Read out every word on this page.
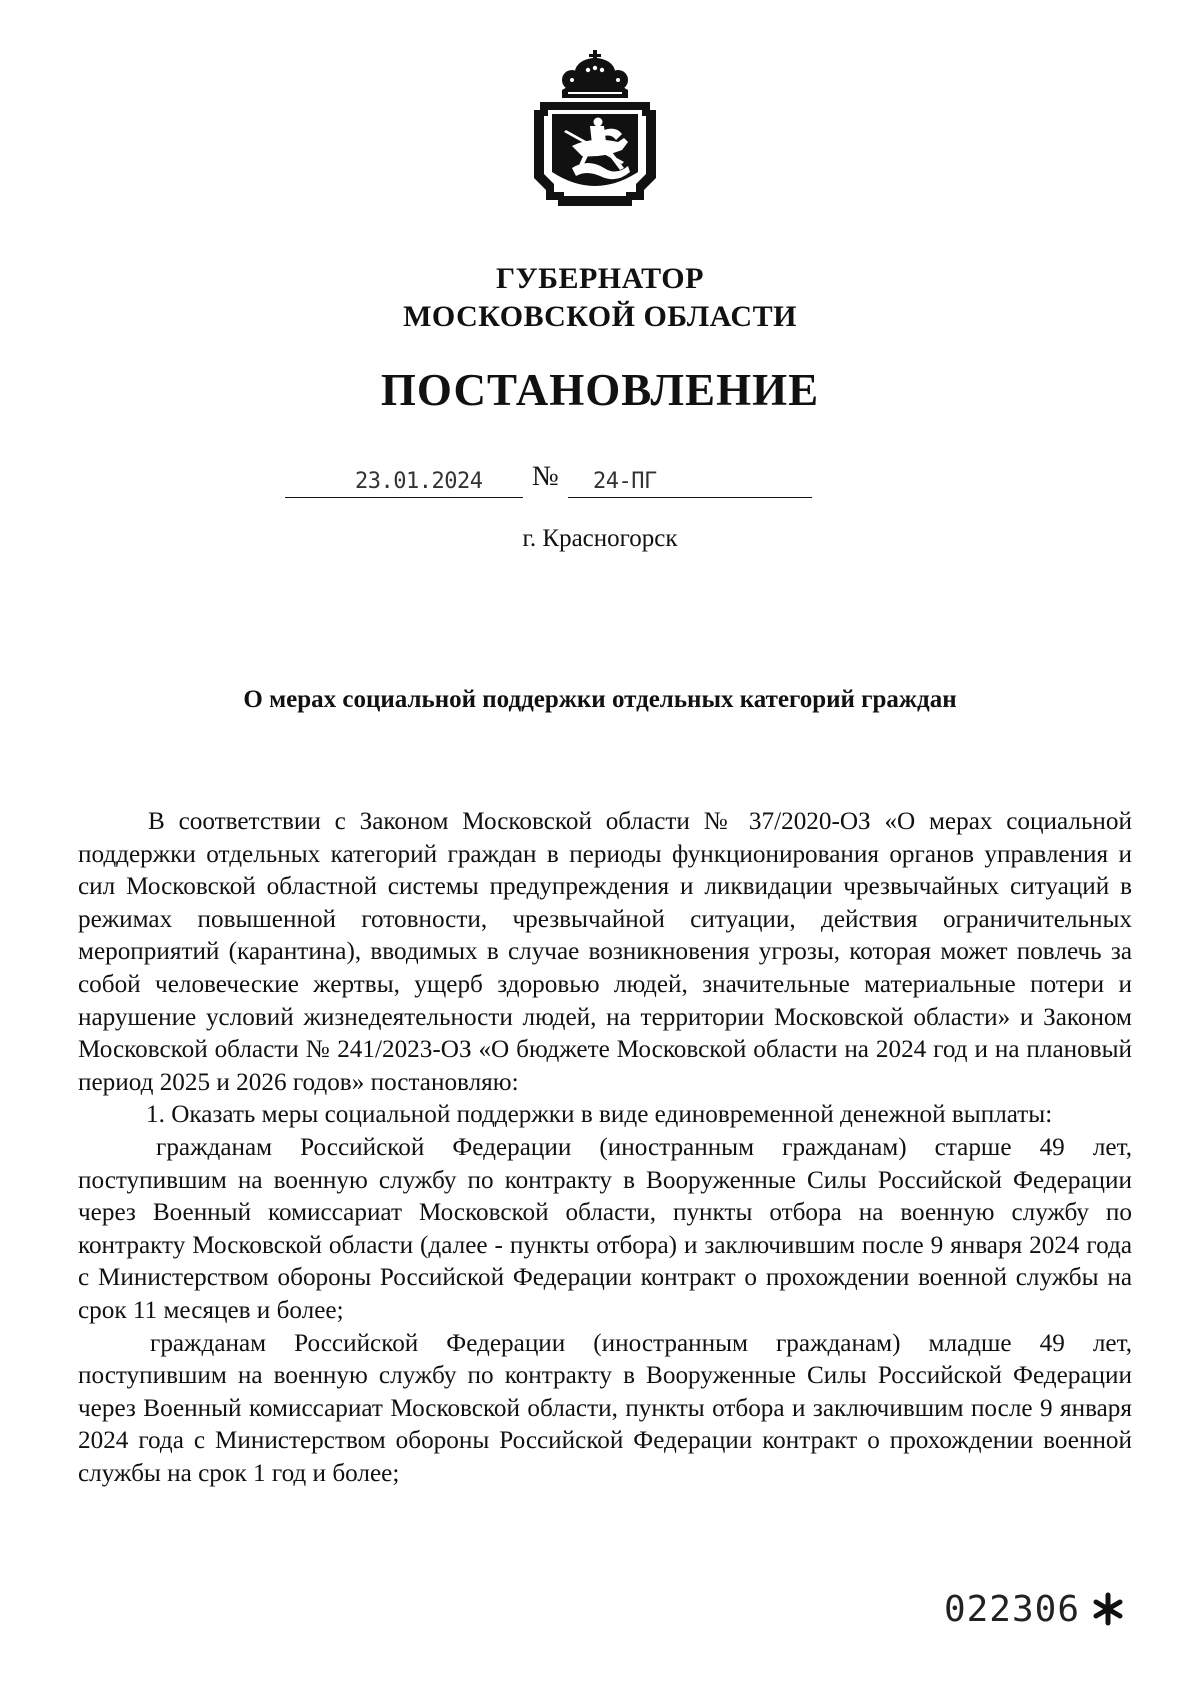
ГУБЕРНАТОР
МОСКОВСКОЙ ОБЛАСТИ
ПОСТАНОВЛЕНИЕ
23.01.2024 № 24-ПГ
г. Красногорск
О мерах социальной поддержки отдельных категорий граждан

В соответствии с Законом Московской области № 37/2020-ОЗ «О мерах социальной поддержки отдельных категорий граждан в периоды функционирования органов управления и сил Московской областной системы предупреждения и ликвидации чрезвычайных ситуаций в режимах повышенной готовности, чрезвычайной ситуации, действия ограничительных мероприятий (карантина), вводимых в случае возникновения угрозы, которая может повлечь за собой человеческие жертвы, ущерб здоровью людей, значительные материальные потери и нарушение условий жизнедеятельности людей, на территории Московской области» и Законом Московской области № 241/2023-ОЗ «О бюджете Московской области на 2024 год и на плановый период 2025 и 2026 годов» постановляю:

1. Оказать меры социальной поддержки в виде единовременной денежной выплаты:

гражданам Российской Федерации (иностранным гражданам) старше 49 лет, поступившим на военную службу по контракту в Вооруженные Силы Российской Федерации через Военный комиссариат Московской области, пункты отбора на военную службу по контракту Московской области (далее - пункты отбора) и заключившим после 9 января 2024 года с Министерством обороны Российской Федерации контракт о прохождении военной службы на срок 11 месяцев и более;

гражданам Российской Федерации (иностранным гражданам) младше 49 лет, поступившим на военную службу по контракту в Вооруженные Силы Российской Федерации через Военный комиссариат Московской области, пункты отбора и заключившим после 9 января 2024 года с Министерством обороны Российской Федерации контракт о прохождении военной службы на срок 1 год и более;

022306
